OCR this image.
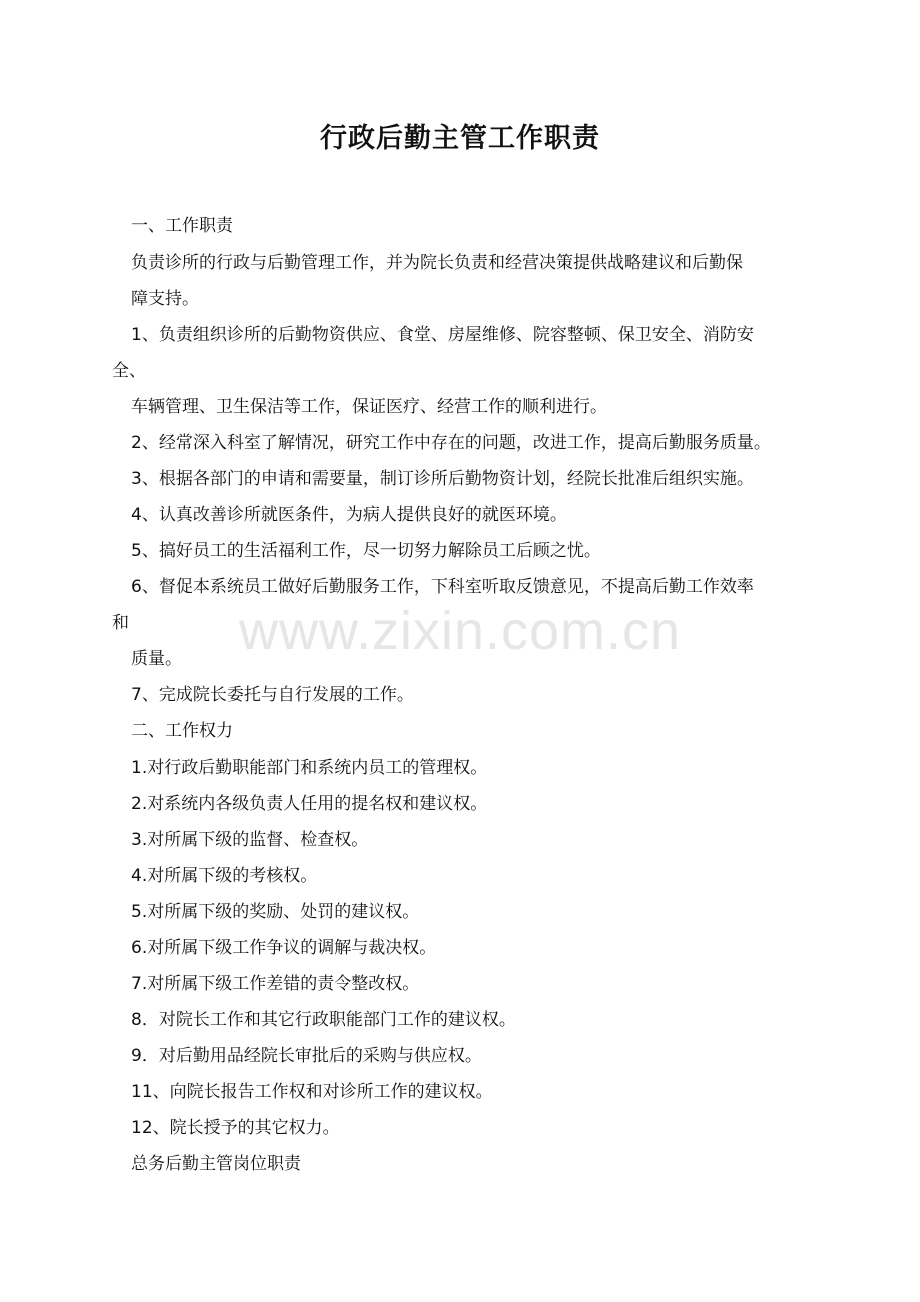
www.zixin.com.cn
行政后勤主管工作职责
一、工作职责
负责诊所的行政与后勤管理工作，并为院长负责和经营决策提供战略建议和后勤保
障支持。
1、负责组织诊所的后勤物资供应、食堂、房屋维修、院容整顿、保卫安全、消防安
全、
车辆管理、卫生保洁等工作，保证医疗、经营工作的顺利进行。
2、经常深入科室了解情况，研究工作中存在的问题，改进工作，提高后勤服务质量。
3、根据各部门的申请和需要量，制订诊所后勤物资计划，经院长批准后组织实施。
4、认真改善诊所就医条件，为病人提供良好的就医环境。
5、搞好员工的生活福利工作，尽一切努力解除员工后顾之忧。
6、督促本系统员工做好后勤服务工作，下科室听取反馈意见，不提高后勤工作效率
和
质量。
7、完成院长委托与自行发展的工作。
二、工作权力
1.对行政后勤职能部门和系统内员工的管理权。
2.对系统内各级负责人任用的提名权和建议权。
3.对所属下级的监督、检查权。
4.对所属下级的考核权。
5.对所属下级的奖励、处罚的建议权。
6.对所属下级工作争议的调解与裁决权。
7.对所属下级工作差错的责令整改权。
8．对院长工作和其它行政职能部门工作的建议权。
9．对后勤用品经院长审批后的采购与供应权。
11、向院长报告工作权和对诊所工作的建议权。
12、院长授予的其它权力。
总务后勤主管岗位职责
